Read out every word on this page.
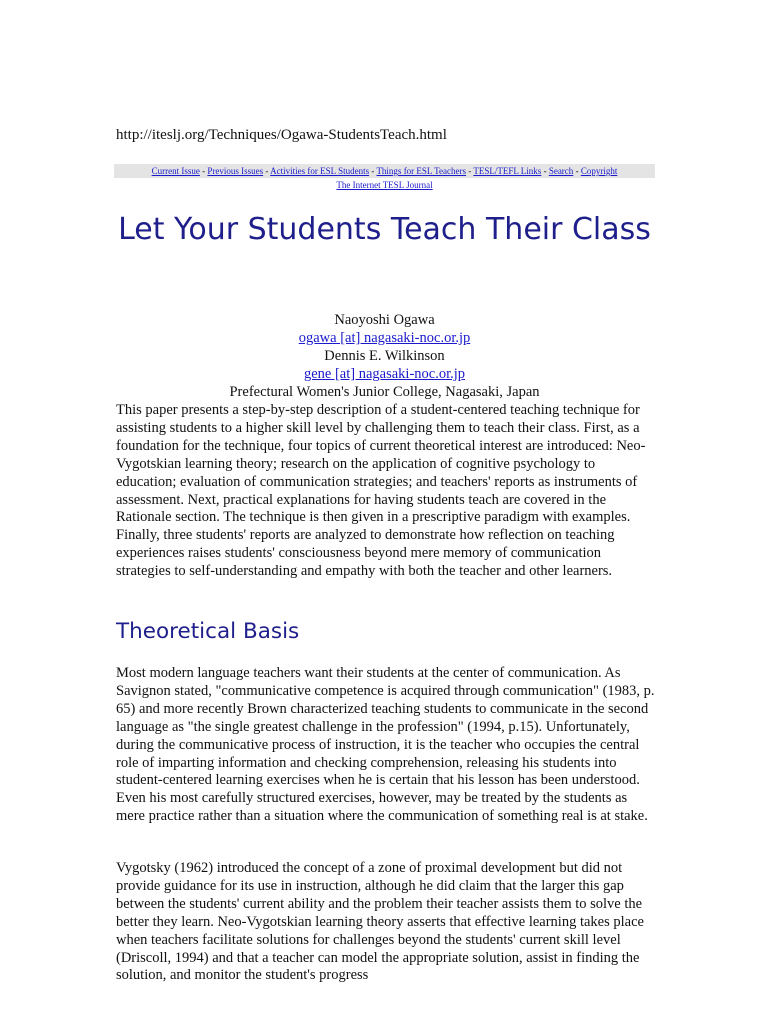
http://iteslj.org/Techniques/Ogawa-StudentsTeach.html
Current Issue - Previous Issues - Activities for ESL Students - Things for ESL Teachers - TESL/TEFL Links - Search - Copyright
The Internet TESL Journal
Let Your Students Teach Their Class
Naoyoshi Ogawa
ogawa [at] nagasaki-noc.or.jp
Dennis E. Wilkinson
gene [at] nagasaki-noc.or.jp
Prefectural Women's Junior College, Nagasaki, Japan

This paper presents a step-by-step description of a student-centered teaching technique for assisting students to a higher skill level by challenging them to teach their class. First, as a foundation for the technique, four topics of current theoretical interest are introduced: Neo-Vygotskian learning theory; research on the application of cognitive psychology to education; evaluation of communication strategies; and teachers' reports as instruments of assessment. Next, practical explanations for having students teach are covered in the Rationale section. The technique is then given in a prescriptive paradigm with examples. Finally, three students' reports are analyzed to demonstrate how reflection on teaching experiences raises students' consciousness beyond mere memory of communication strategies to self-understanding and empathy with both the teacher and other learners.

Theoretical Basis

Most modern language teachers want their students at the center of communication. As Savignon stated, "communicative competence is acquired through communication" (1983, p. 65) and more recently Brown characterized teaching students to communicate in the second language as "the single greatest challenge in the profession" (1994, p.15). Unfortunately, during the communicative process of instruction, it is the teacher who occupies the central role of imparting information and checking comprehension, releasing his students into student-centered learning exercises when he is certain that his lesson has been understood. Even his most carefully structured exercises, however, may be treated by the students as mere practice rather than a situation where the communication of something real is at stake.

Vygotsky (1962) introduced the concept of a zone of proximal development but did not provide guidance for its use in instruction, although he did claim that the larger this gap between the students' current ability and the problem their teacher assists them to solve the better they learn. Neo-Vygotskian learning theory asserts that effective learning takes place when teachers facilitate solutions for challenges beyond the students' current skill level (Driscoll, 1994) and that a teacher can model the appropriate solution, assist in finding the solution, and monitor the student's progress
